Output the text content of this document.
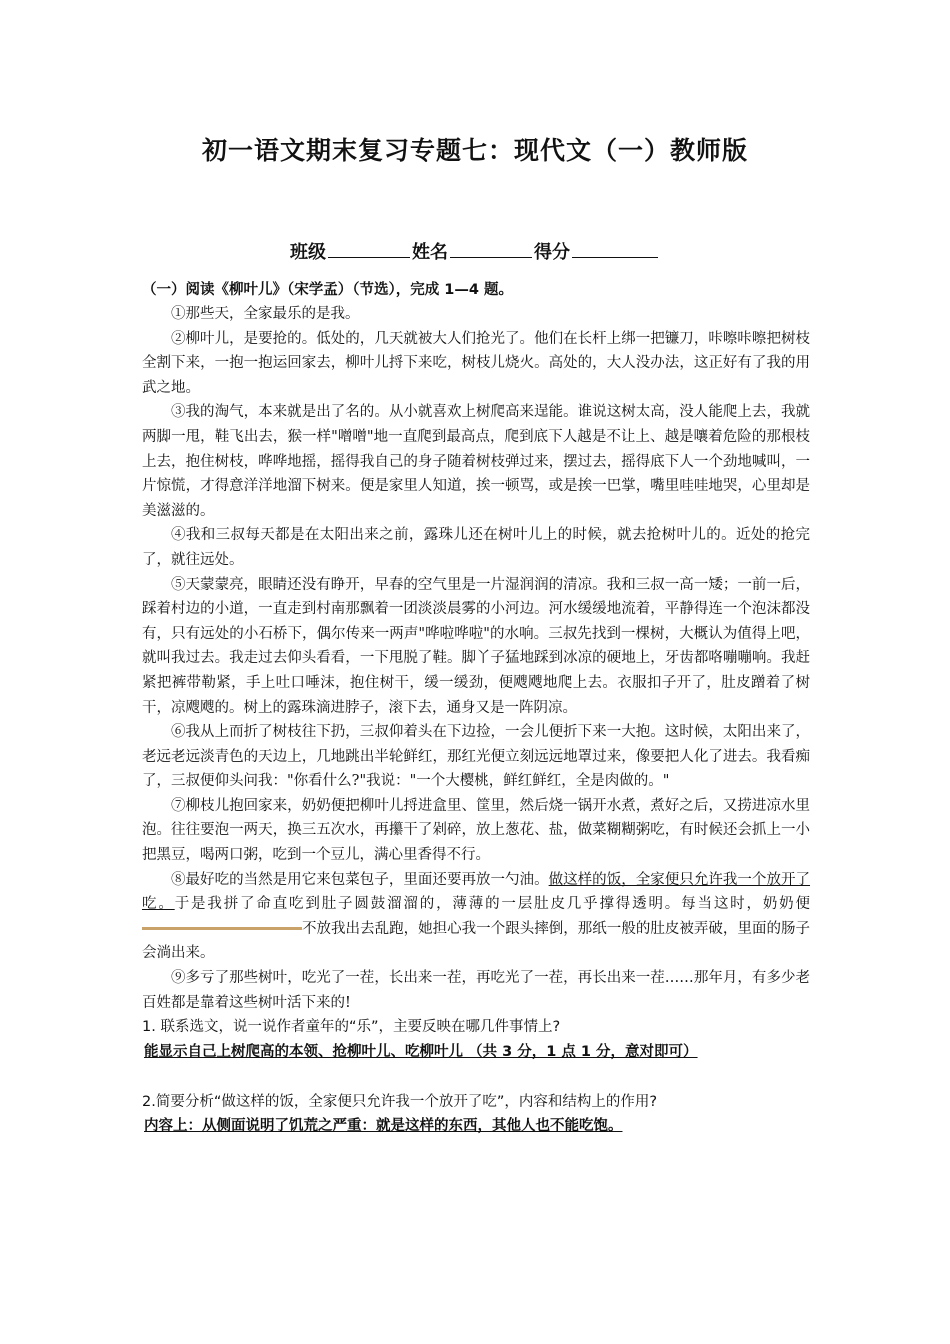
初一语文期末复习专题七：现代文（一）教师版
班级	姓名	得分

（一）阅读《柳叶儿》（宋学孟）（节选），完成 1—4 题。

①那些天，全家最乐的是我。

②柳叶儿，是要抢的。低处的，几天就被大人们抢光了。他们在长杆上绑一把镰刀，咔嚓咔嚓把树枝全割下来，一抱一抱运回家去，柳叶儿捋下来吃，树枝儿烧火。高处的，大人没办法，这正好有了我的用武之地。

③我的淘气，本来就是出了名的。从小就喜欢上树爬高来逞能。谁说这树太高，没人能爬上去，我就两脚一甩，鞋飞出去，猴一样"噌噌"地一直爬到最高点，爬到底下人越是不让上、越是嚷着危险的那根枝上去，抱住树枝，哗哗地摇，摇得我自己的身子随着树枝弹过来，摆过去，摇得底下人一个劲地喊叫，一片惊慌，才得意洋洋地溜下树来。便是家里人知道，挨一顿骂，或是挨一巴掌，嘴里哇哇地哭，心里却是美滋滋的。

④我和三叔每天都是在太阳出来之前，露珠儿还在树叶儿上的时候，就去抢树叶儿的。近处的抢完了，就往远处。

⑤天蒙蒙亮，眼睛还没有睁开，早春的空气里是一片湿润润的清凉。我和三叔一高一矮；一前一后，踩着村边的小道，一直走到村南那飘着一团淡淡晨雾的小河边。河水缓缓地流着，平静得连一个泡沫都没有，只有远处的小石桥下，偶尔传来一两声"哗啦哗啦"的水响。三叔先找到一棵树，大概认为值得上吧，就叫我过去。我走过去仰头看看，一下甩脱了鞋。脚丫子猛地踩到冰凉的硬地上，牙齿都咯嘣嘣响。我赶紧把裤带勒紧，手上吐口唾沫，抱住树干，缓一缓劲，便飕飕地爬上去。衣服扣子开了，肚皮蹭着了树干，凉飕飕的。树上的露珠滴进脖子，滚下去，通身又是一阵阴凉。

⑥我从上而折了树枝往下扔，三叔仰着头在下边捡，一会儿便折下来一大抱。这时候，太阳出来了，老远老远淡青色的天边上，几地跳出半轮鲜红，那红光便立刻远远地罩过来，像要把人化了进去。我看痴了，三叔便仰头问我："你看什么?"我说："一个大樱桃，鲜红鲜红，全是肉做的。"

⑦柳枝儿抱回家来，奶奶便把柳叶儿捋进盒里、筐里，然后烧一锅开水煮，煮好之后，又捞进凉水里泡。往往要泡一两天，换三五次水，再攥干了剁碎，放上葱花、盐，做菜糊糊粥吃，有时候还会抓上一小把黑豆，喝两口粥，吃到一个豆儿，满心里香得不行。

⑧最好吃的当然是用它来包菜包子，里面还要再放一勺油。做这样的饭，全家便只允许我一个放开了吃。于是我拼了命直吃到肚子圆鼓溜溜的，薄薄的一层肚皮几乎撑得透明。每当这时，奶奶便不放我出去乱跑，她担心我一个跟头摔倒，那纸一般的肚皮被弄破，里面的肠子会淌出来。

⑨多亏了那些树叶，吃光了一茬，长出来一茬，再吃光了一茬，再长出来一茬……那年月，有多少老百姓都是靠着这些树叶活下来的!

1. 联系选文，说一说作者童年的“乐”，主要反映在哪几件事情上?

能显示自己上树爬高的本领、抢柳叶儿、吃柳叶儿 （共 3 分，1 点 1 分，意对即可）

2.简要分析“做这样的饭，全家便只允许我一个放开了吃”，内容和结构上的作用?

内容上：从侧面说明了饥荒之严重：就是这样的东西，其他人也不能吃饱。
